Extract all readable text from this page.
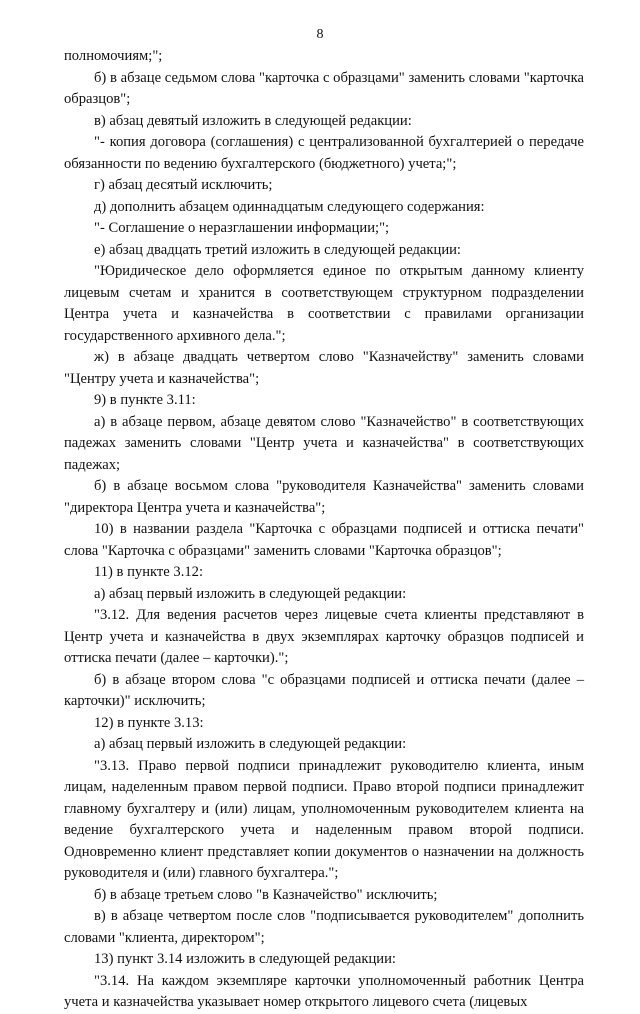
8

полномочиям;";

б) в абзаце седьмом слова "карточка с образцами" заменить словами "карточка образцов";

в) абзац девятый изложить в следующей редакции:

"- копия договора (соглашения) с централизованной бухгалтерией о передаче обязанности по ведению бухгалтерского (бюджетного) учета;";

г) абзац десятый исключить;

д) дополнить абзацем одиннадцатым следующего содержания:

"- Соглашение о неразглашении информации;";

е) абзац двадцать третий изложить в следующей редакции:

"Юридическое дело оформляется единое по открытым данному клиенту лицевым счетам и хранится в соответствующем структурном подразделении Центра учета и казначейства в соответствии с правилами организации государственного архивного дела.";

ж) в абзаце двадцать четвертом слово "Казначейству" заменить словами "Центру учета и казначейства";

9) в пункте 3.11:

а) в абзаце первом, абзаце девятом слово "Казначейство" в соответствующих падежах заменить словами "Центр учета и казначейства" в соответствующих падежах;

б) в абзаце восьмом слова "руководителя Казначейства" заменить словами "директора Центра учета и казначейства";

10) в названии раздела "Карточка с образцами подписей и оттиска печати" слова "Карточка с образцами" заменить словами "Карточка образцов";

11) в пункте 3.12:

а) абзац первый изложить в следующей редакции:

"3.12. Для ведения расчетов через лицевые счета клиенты представляют в Центр учета и казначейства в двух экземплярах карточку образцов подписей и оттиска печати (далее – карточки).";

б) в абзаце втором слова "с образцами подписей и оттиска печати (далее – карточки)" исключить;

12) в пункте 3.13:

а) абзац первый изложить в следующей редакции:

"3.13. Право первой подписи принадлежит руководителю клиента, иным лицам, наделенным правом первой подписи. Право второй подписи принадлежит главному бухгалтеру и (или) лицам, уполномоченным руководителем клиента на ведение бухгалтерского учета и наделенным правом второй подписи. Одновременно клиент представляет копии документов о назначении на должность руководителя и (или) главного бухгалтера.";

б) в абзаце третьем слово "в Казначейство" исключить;

в) в абзаце четвертом после слов "подписывается руководителем" дополнить словами "клиента, директором";

13) пункт 3.14 изложить в следующей редакции:

"3.14. На каждом экземпляре карточки уполномоченный работник Центра учета и казначейства указывает номер открытого лицевого счета (лицевых
